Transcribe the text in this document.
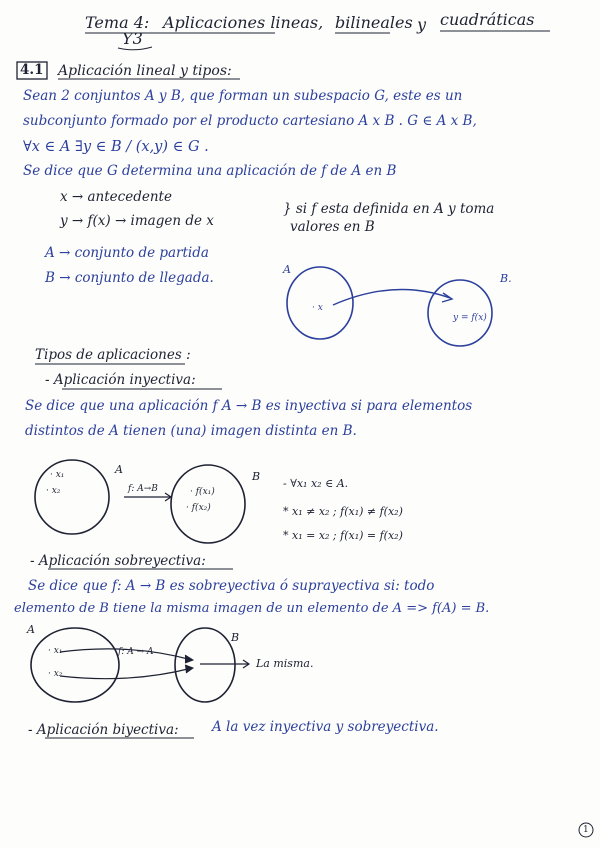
Tema 4: Aplicaciones lineas, bilineales y cuadráticas
Y3
4.1 Aplicación lineal y tipos:
Sean 2 conjuntos A y B, que forman un subespacio G, este es un
subconjunto formado por el producto cartesiano A x B . G ∈ A x B,
∀x ∈ A ∃y ∈ B / (x,y) ∈ G .
Se dice que G determina una aplicación de f de A en B
x → antecedente
y → f(x) → imagen de x
} si f esta definida en A y toma
valores en B
A → conjunto de partida
B → conjunto de llegada.
A
B.
· x
y = f(x)
Tipos de aplicaciones :
- Aplicación inyectiva:
Se dice que una aplicación f A → B es inyectiva si para elementos
distintos de A tienen (una) imagen distinta en B.
A
B
f: A→B
· x₁
· x₂	· f(x₁)
· f(x₂)
- ∀x₁ x₂ ∈ A.
* x₁ ≠ x₂ ; f(x₁) ≠ f(x₂)
* x₁ = x₂ ; f(x₁) = f(x₂)
- Aplicación sobreyectiva:
Se dice que f: A → B es sobreyectiva ó suprayectiva si: todo
elemento de B tiene la misma imagen de un elemento de A => f(A) = B.
A
B
f: A → A
· x₁
· x₂
La misma.
- Aplicación biyectiva: A la vez inyectiva y sobreyectiva.
1
